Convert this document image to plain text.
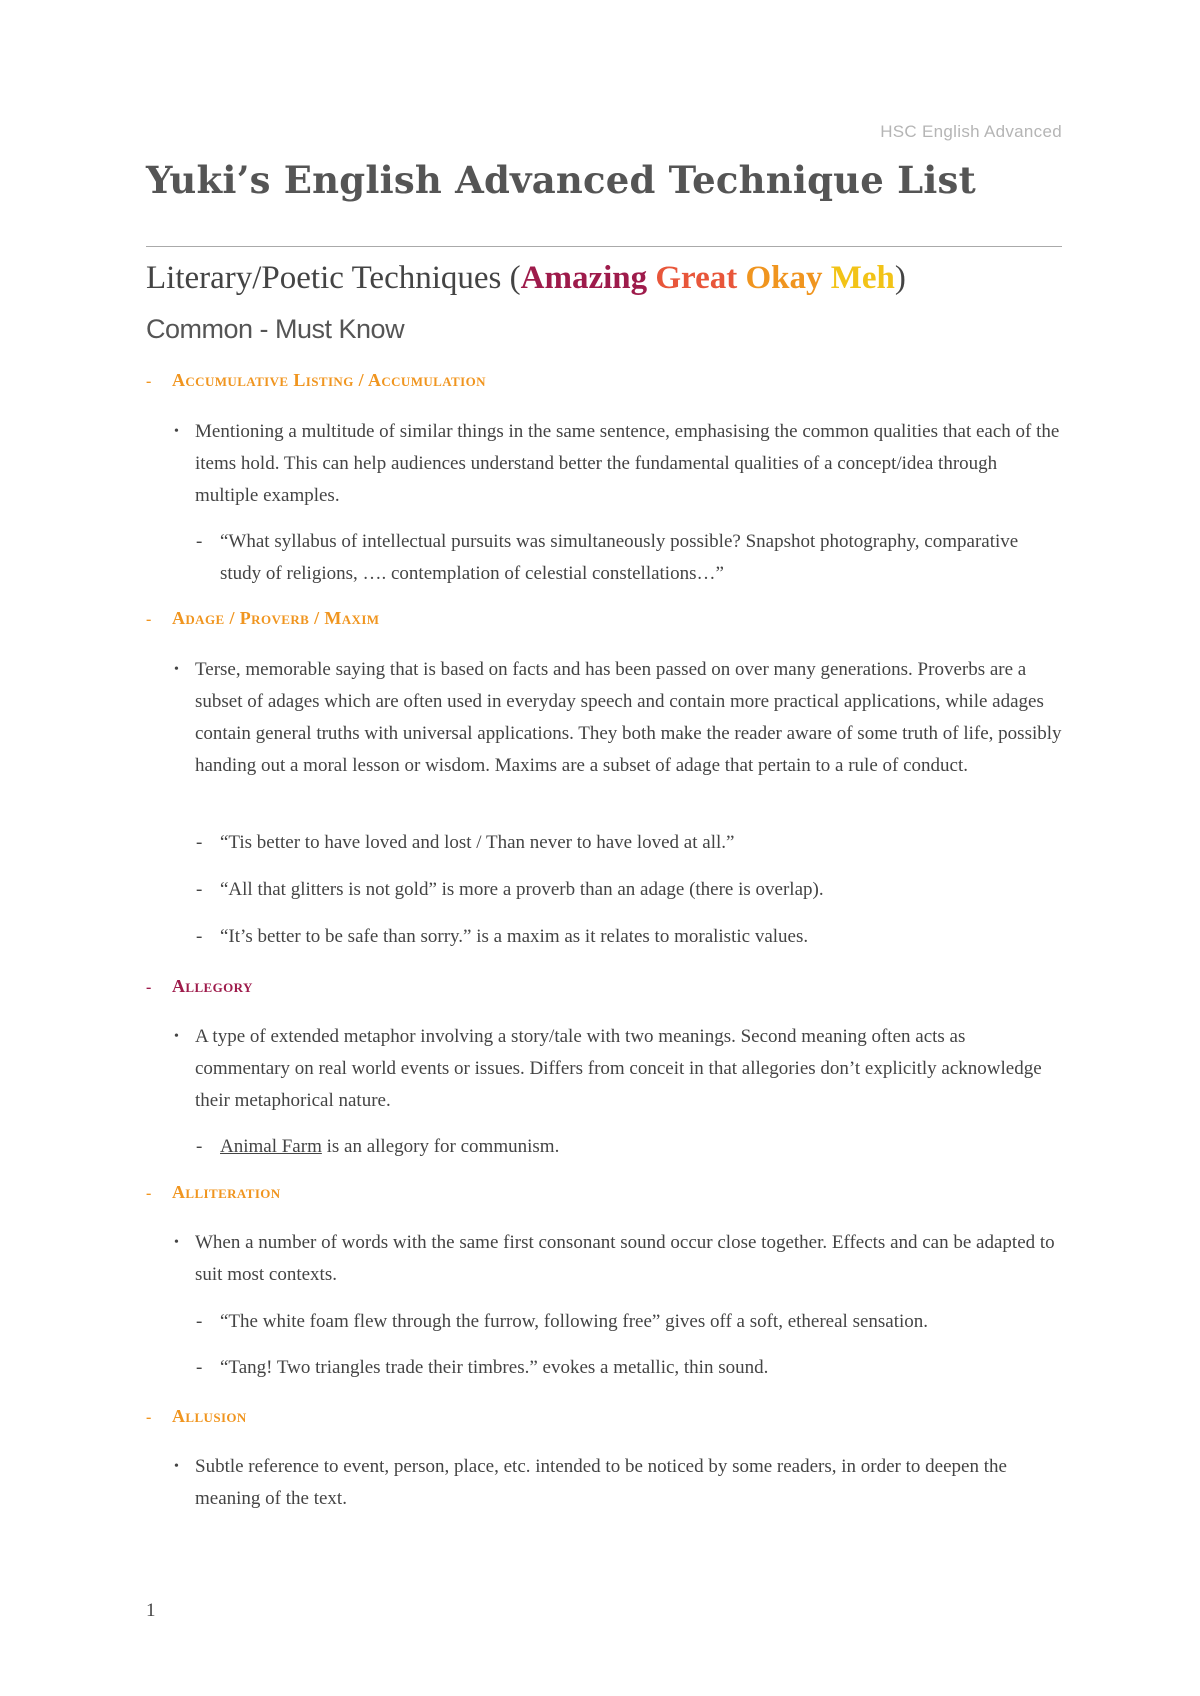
HSC English Advanced
Yuki’s English Advanced Technique List
Literary/Poetic Techniques (Amazing Great Okay Meh)
Common - Must Know
- Accumulative Listing / Accumulation
• Mentioning a multitude of similar things in the same sentence, emphasising the common qualities that each of the items hold. This can help audiences understand better the fundamental qualities of a concept/idea through multiple examples.
- “What syllabus of intellectual pursuits was simultaneously possible? Snapshot photography, comparative study of religions, …. contemplation of celestial constellations…”
- Adage / Proverb / Maxim
• Terse, memorable saying that is based on facts and has been passed on over many generations. Proverbs are a subset of adages which are often used in everyday speech and contain more practical applications, while adages contain general truths with universal applications. They both make the reader aware of some truth of life, possibly handing out a moral lesson or wisdom. Maxims are a subset of adage that pertain to a rule of conduct.
- “Tis better to have loved and lost / Than never to have loved at all.”
- “All that glitters is not gold” is more a proverb than an adage (there is overlap).
- “It’s better to be safe than sorry.” is a maxim as it relates to moralistic values.
- Allegory
• A type of extended metaphor involving a story/tale with two meanings. Second meaning often acts as commentary on real world events or issues. Differs from conceit in that allegories don’t explicitly acknowledge their metaphorical nature.
- Animal Farm is an allegory for communism.
- Alliteration
• When a number of words with the same first consonant sound occur close together. Effects and can be adapted to suit most contexts.
- “The white foam flew through the furrow, following free” gives off a soft, ethereal sensation.
- “Tang! Two triangles trade their timbres.” evokes a metallic, thin sound.
- Allusion
• Subtle reference to event, person, place, etc. intended to be noticed by some readers, in order to deepen the meaning of the text.
1
